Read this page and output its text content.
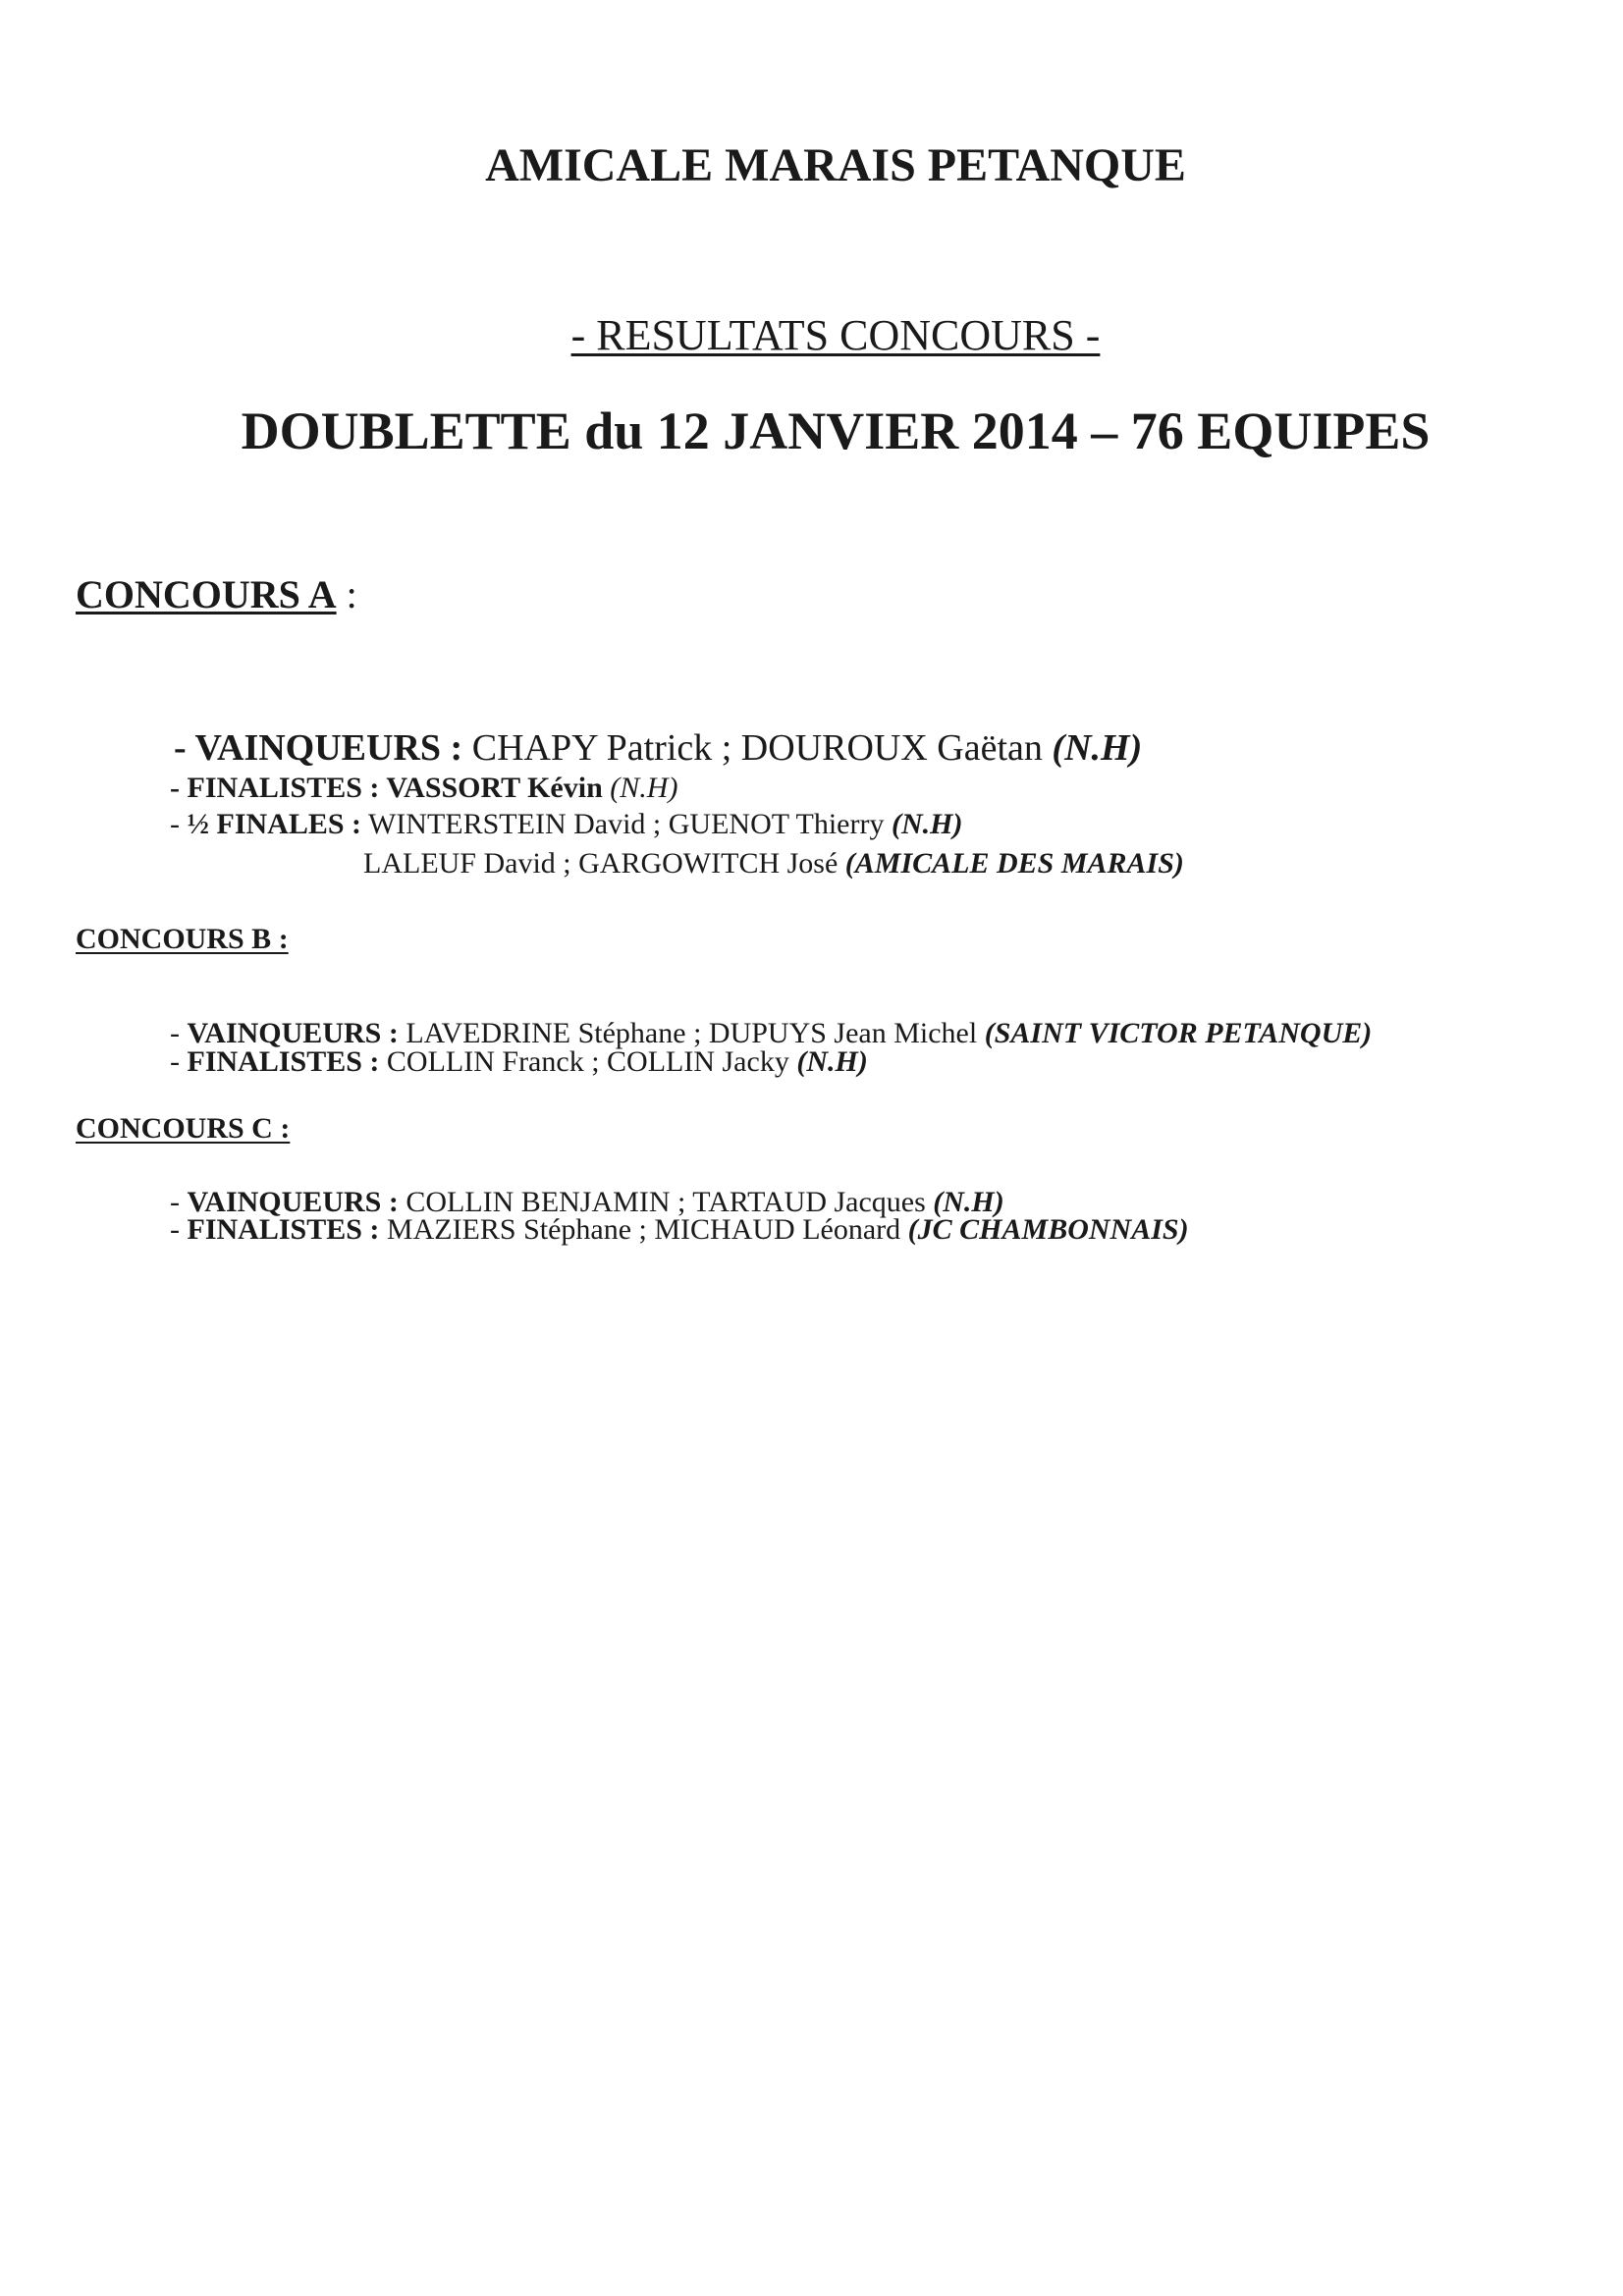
AMICALE MARAIS PETANQUE
- RESULTATS CONCOURS -
DOUBLETTE du 12 JANVIER 2014 – 76 EQUIPES
CONCOURS A :
- VAINQUEURS : CHAPY Patrick ; DOUROUX Gaëtan (N.H)
- FINALISTES : VASSORT Kévin (N.H)
- ½ FINALES : WINTERSTEIN David ; GUENOT Thierry (N.H)
LALEUF David ; GARGOWITCH José (AMICALE DES MARAIS)
CONCOURS B :
- VAINQUEURS : LAVEDRINE Stéphane ; DUPUYS Jean Michel (SAINT VICTOR PETANQUE)
- FINALISTES : COLLIN Franck ; COLLIN Jacky (N.H)
CONCOURS C :
- VAINQUEURS : COLLIN BENJAMIN ; TARTAUD Jacques (N.H)
- FINALISTES : MAZIERS Stéphane ; MICHAUD Léonard (JC CHAMBONNAIS)
